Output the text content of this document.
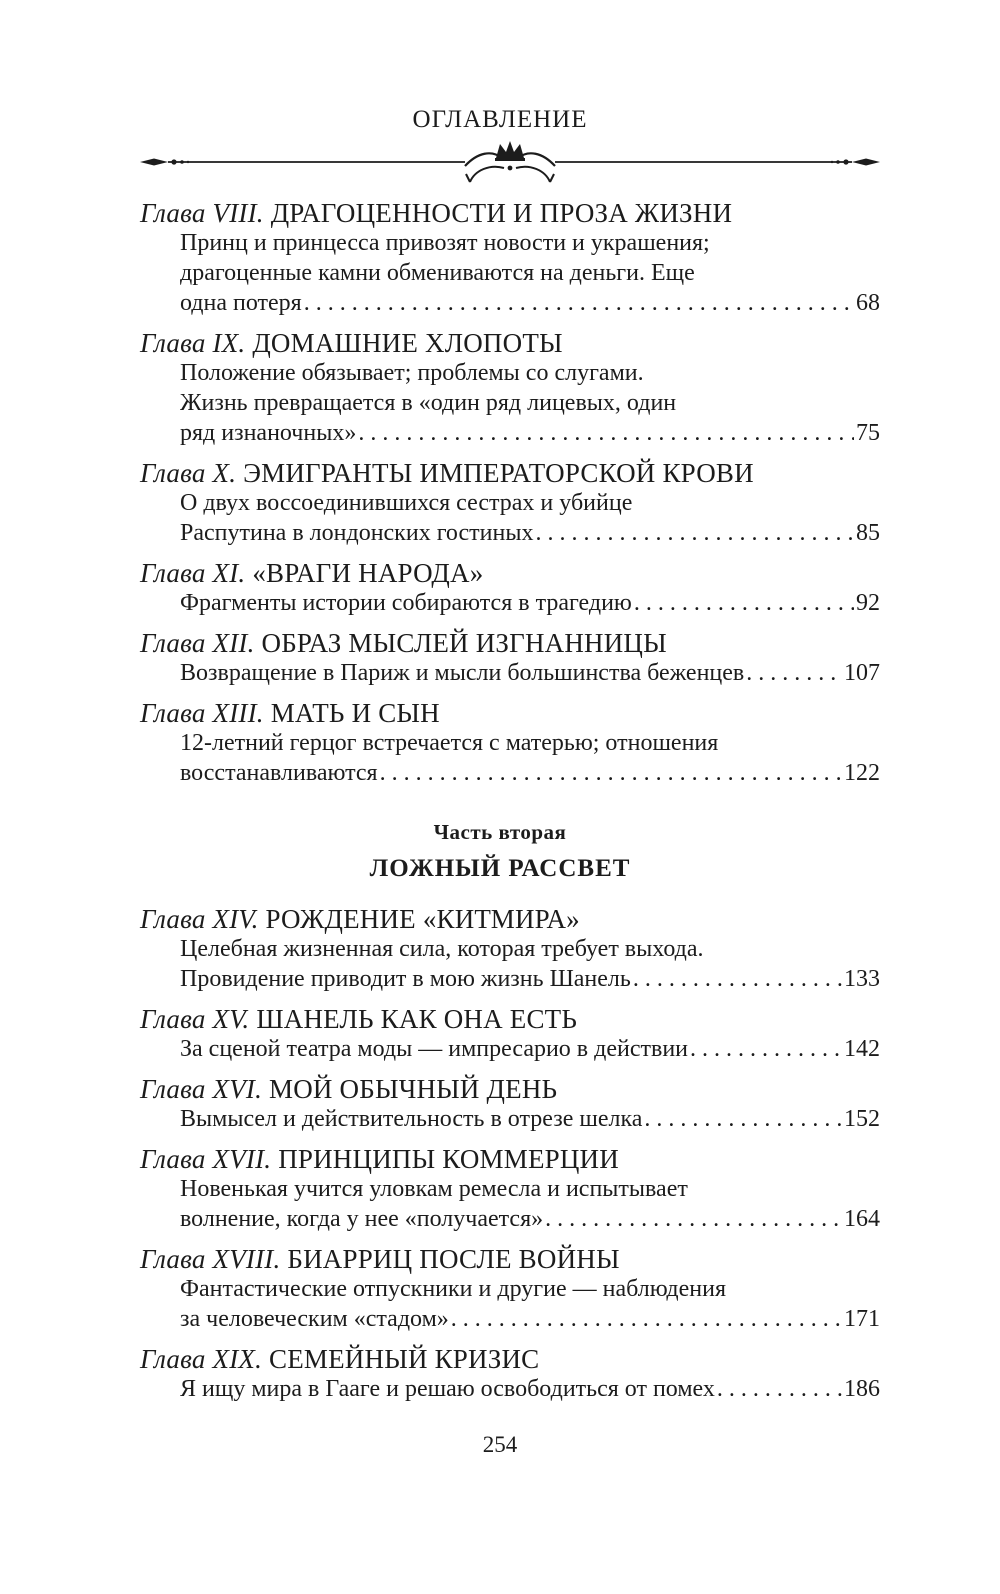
ОГЛАВЛЕНИЕ
Глава VIII. ДРАГОЦЕННОСТИ И ПРОЗА ЖИЗНИ
Принц и принцесса привозят новости и украшения;
драгоценные камни обмениваются на деньги. Еще
одна потеря . . .	68
Глава IX. ДОМАШНИЕ ХЛОПОТЫ
Положение обязывает; проблемы со слугами.
Жизнь превращается в «один ряд лицевых, один
ряд изнаночных» . . .	75
Глава X. ЭМИГРАНТЫ ИМПЕРАТОРСКОЙ КРОВИ
О двух воссоединившихся сестрах и убийце
Распутина в лондонских гостиных . . .	85
Глава XI. «ВРАГИ НАРОДА»
Фрагменты истории собираются в трагедию . . .	92
Глава XII. ОБРАЗ МЫСЛЕЙ ИЗГНАННИЦЫ
Возвращение в Париж и мысли большинства беженцев . . .	107
Глава XIII. МАТЬ И СЫН
12-летний герцог встречается с матерью; отношения
восстанавливаются . . .	122
Часть вторая
ЛОЖНЫЙ РАССВЕТ
Глава XIV. РОЖДЕНИЕ «КИТМИРА»
Целебная жизненная сила, которая требует выхода.
Провидение приводит в мою жизнь Шанель . . .	133
Глава XV. ШАНЕЛЬ КАК ОНА ЕСТЬ
За сценой театра моды — импресарио в действии . . .	142
Глава XVI. МОЙ ОБЫЧНЫЙ ДЕНЬ
Вымысел и действительность в отрезе шелка . . .	152
Глава XVII. ПРИНЦИПЫ КОММЕРЦИИ
Новенькая учится уловкам ремесла и испытывает
волнение, когда у нее «получается» . . .	164
Глава XVIII. БИАРРИЦ ПОСЛЕ ВОЙНЫ
Фантастические отпускники и другие — наблюдения
за человеческим «стадом» . . .	171
Глава XIX. СЕМЕЙНЫЙ КРИЗИС
Я ищу мира в Гааге и решаю освободиться от помех . . .	186
254
